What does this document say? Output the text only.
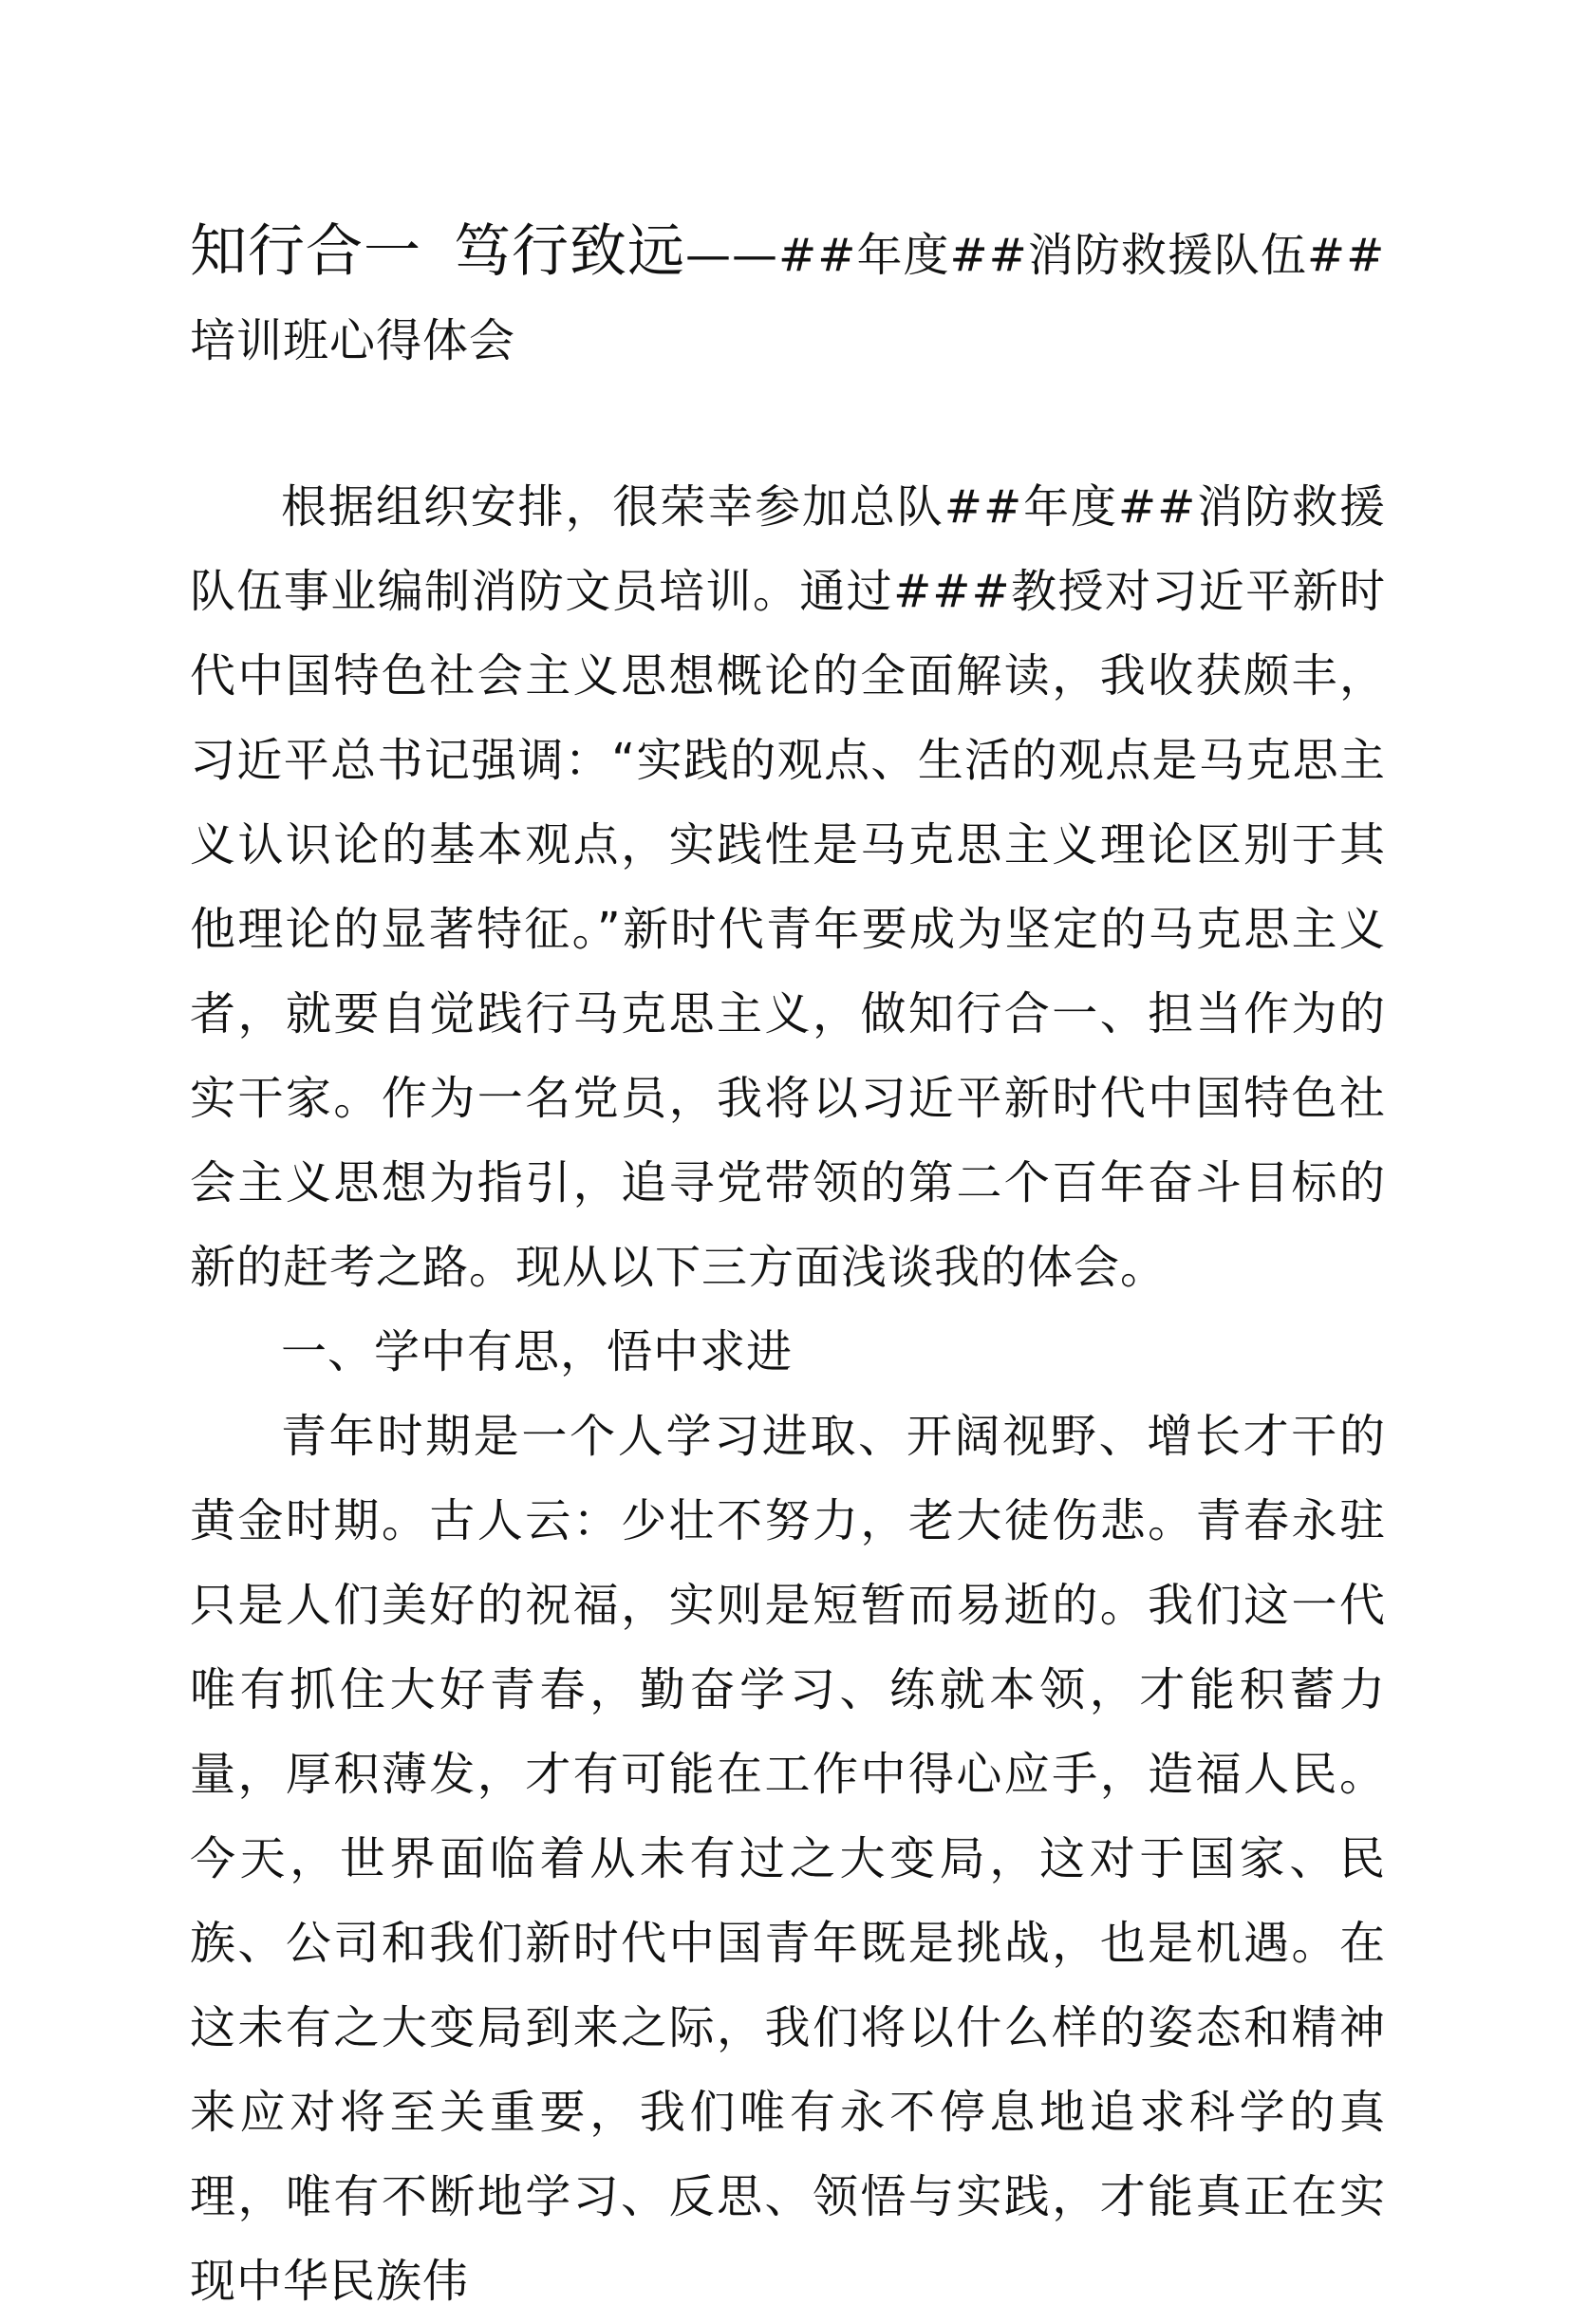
知行合一 笃行致远——##年度##消防救援队伍##培训班心得体会

根据组织安排，很荣幸参加总队##年度##消防救援队伍事业编制消防文员培训。通过###教授对习近平新时代中国特色社会主义思想概论的全面解读，我收获颇丰，习近平总书记强调：“实践的观点、生活的观点是马克思主义认识论的基本观点，实践性是马克思主义理论区别于其他理论的显著特征。”新时代青年要成为坚定的马克思主义者，就要自觉践行马克思主义，做知行合一、担当作为的实干家。作为一名党员，我将以习近平新时代中国特色社会主义思想为指引，追寻党带领的第二个百年奋斗目标的新的赶考之路。现从以下三方面浅谈我的体会。

一、学中有思，悟中求进

青年时期是一个人学习进取、开阔视野、增长才干的黄金时期。古人云：少壮不努力，老大徒伤悲。青春永驻只是人们美好的祝福，实则是短暂而易逝的。我们这一代唯有抓住大好青春，勤奋学习、练就本领，才能积蓄力量，厚积薄发，才有可能在工作中得心应手，造福人民。今天，世界面临着从未有过之大变局，这对于国家、民族、公司和我们新时代中国青年既是挑战，也是机遇。在这未有之大变局到来之际，我们将以什么样的姿态和精神来应对将至关重要，我们唯有永不停息地追求科学的真理，唯有不断地学习、反思、领悟与实践，才能真正在实现中华民族伟
